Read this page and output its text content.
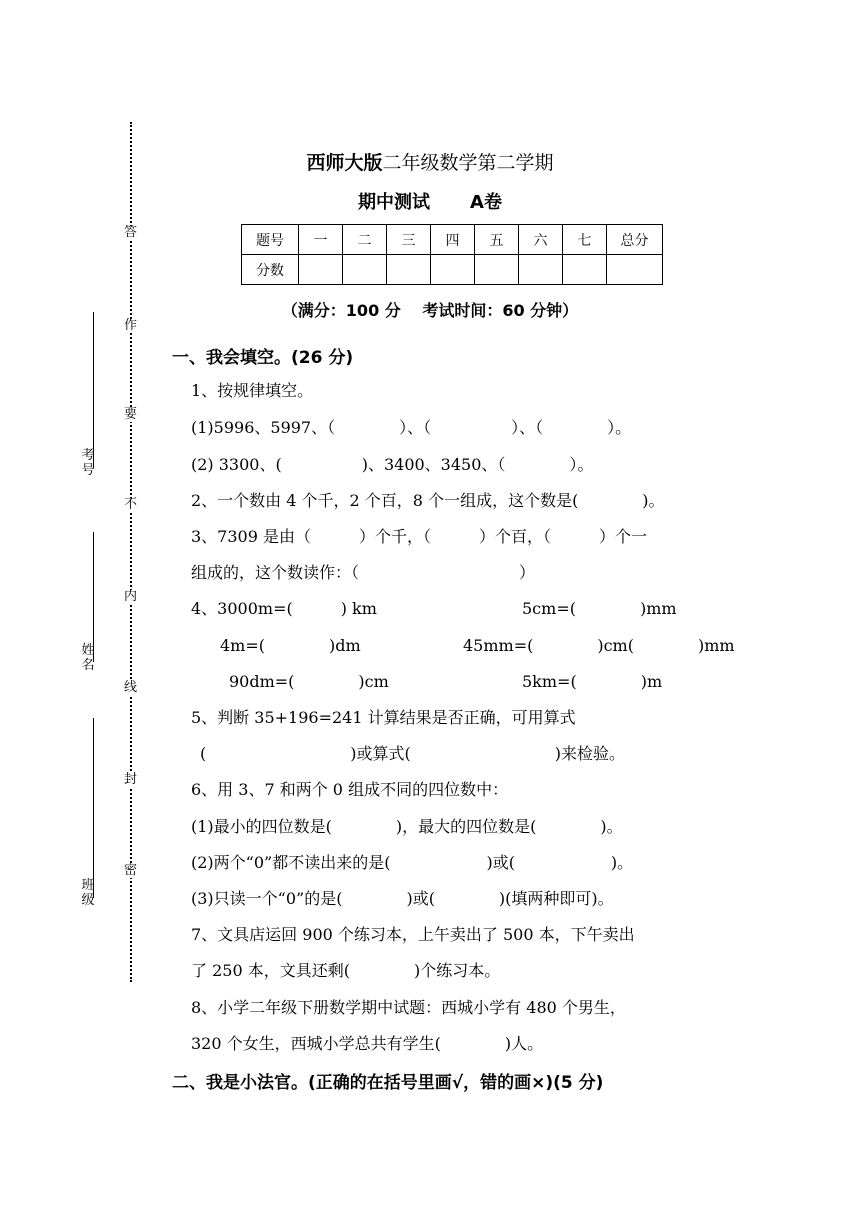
答
作
要
不
内
线
封
密
考号
姓名
班级
西师大版二年级数学第二学期
期中测试 A卷
题号	一	二	三	四	五	六	七	总分
分数								
（满分：100 分　 考试时间：60 分钟）
一、我会填空。(26 分)
1、按规律填空。
(1)5996、5997、（　　　　）、（　　　　　）、（　　　　）。
(2) 3300、(　　　　　)、3400、3450、（　　　　）。
2、一个数由 4 个千，2 个百，8 个一组成，这个数是(　　　　)。
3、7309 是由（　　　）个千，（　　　）个百，（　　　）个一
组成的，这个数读作：（　　　　　　　　　　）
4、3000m=(　　　) km	5cm=(　　　　)mm
4m=(　　　　)dm	45mm=(　　　　)cm(　　　　)mm
90dm=(　　　　)cm	5km=(　　　　)m
5、判断 35+196=241 计算结果是否正确，可用算式
(　　　　　　　　　)或算式(　　　　　　　　　)来检验。
6、用 3、7 和两个 0 组成不同的四位数中：
(1)最小的四位数是(　　　　)，最大的四位数是(　　　　)。
(2)两个“0”都不读出来的是(　　　　　　)或(　　　　　　)。
(3)只读一个“0”的是(　　　　)或(　　　　)(填两种即可)。
7、文具店运回 900 个练习本，上午卖出了 500 本，下午卖出
了 250 本，文具还剩(　　　　)个练习本。
8、小学二年级下册数学期中试题：西城小学有 480 个男生，
320 个女生，西城小学总共有学生(　　　　)人。
二、我是小法官。(正确的在括号里画√，错的画×)(5 分)
